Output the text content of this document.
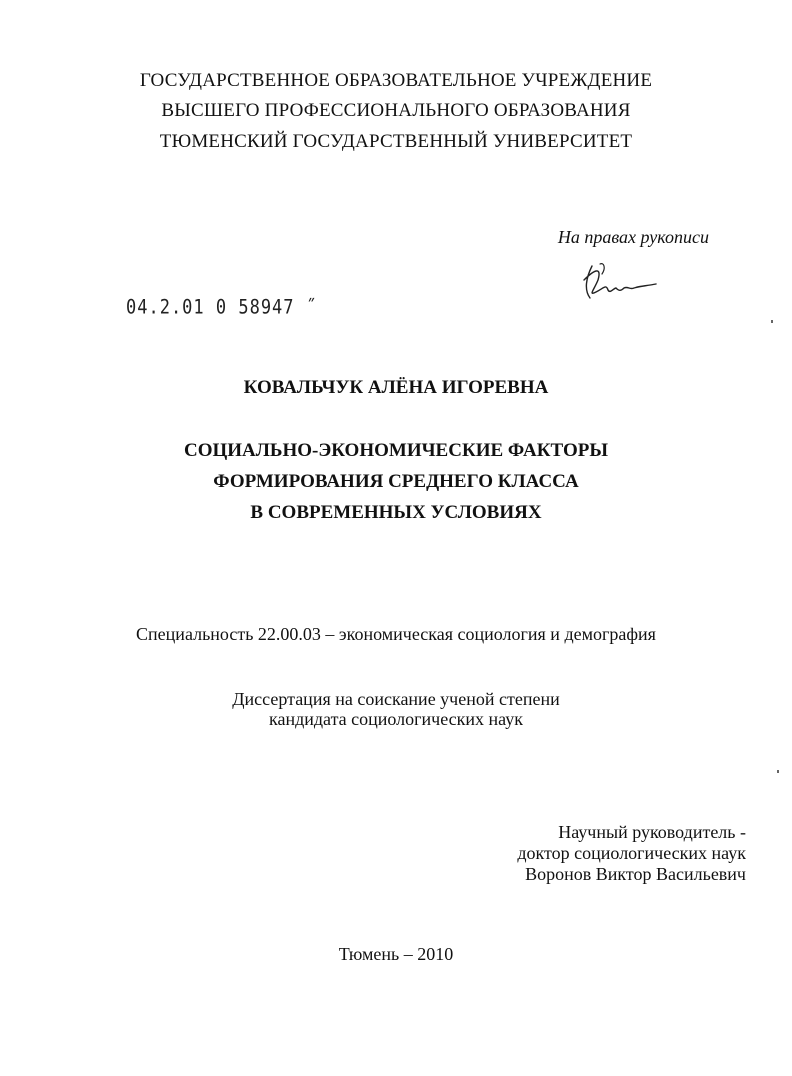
ГОСУДАРСТВЕННОЕ ОБРАЗОВАТЕЛЬНОЕ УЧРЕЖДЕНИЕ
ВЫСШЕГО ПРОФЕССИОНАЛЬНОГО ОБРАЗОВАНИЯ
ТЮМЕНСКИЙ ГОСУДАРСТВЕННЫЙ УНИВЕРСИТЕТ
На правах рукописи
04.2.01 0 58947 ˝
КОВАЛЬЧУК АЛЁНА ИГОРЕВНА
СОЦИАЛЬНО-ЭКОНОМИЧЕСКИЕ ФАКТОРЫ
ФОРМИРОВАНИЯ СРЕДНЕГО КЛАССА
В СОВРЕМЕННЫХ УСЛОВИЯХ
Специальность 22.00.03 – экономическая социология и демография
Диссертация на соискание ученой степени
кандидата социологических наук
Научный руководитель -
доктор социологических наук
Воронов Виктор Васильевич
Тюмень – 2010
